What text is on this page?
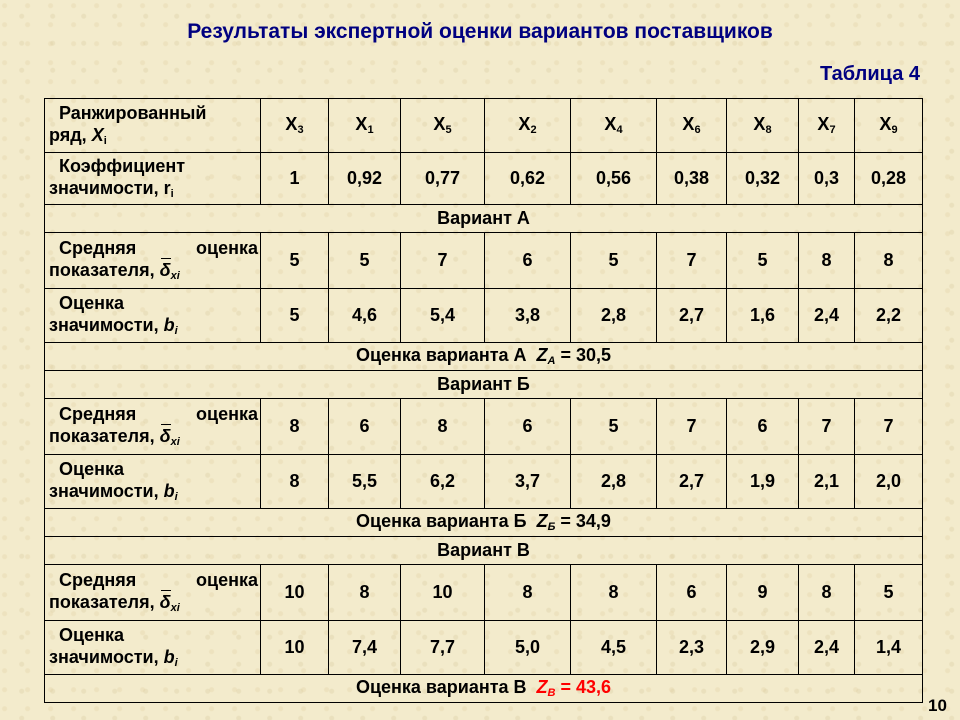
Результаты экспертной оценки вариантов поставщиков
Таблица 4
Ранжированный
ряд, $X_i$	$X_3$	$X_1$	$X_5$	$X_2$	$X_4$	$X_6$	$X_8$	$X_7$	$X_9$

Коэффициент
значимости, $r_i$	1	0,92	0,77	0,62	0,56	0,38	0,32	0,3	0,28
Вариант А									

Средняя оценка
показателя, $\delta_{xi}$	5	5	7	6	5	7	5	8	8

Оценка
значимости, $b_i$	5	4,6	5,4	3,8	2,8	2,7	1,6	2,4	2,2
Оценка варианта А $Z_А = 30,5$									
Вариант Б									

Средняя оценка
показателя, $\delta_{xi}$	8	6	8	6	5	7	6	7	7

Оценка
значимости, $b_i$	8	5,5	6,2	3,7	2,8	2,7	1,9	2,1	2,0
Оценка варианта Б $Z_Б = 34,9$									
Вариант В									

Средняя оценка
показателя, $\delta_{xi}$	10	8	10	8	8	6	9	8	5

Оценка
значимости, $b_i$	10	7,4	7,7	5,0	4,5	2,3	2,9	2,4	1,4
Оценка варианта В $Z_В = 43,6$									
10
